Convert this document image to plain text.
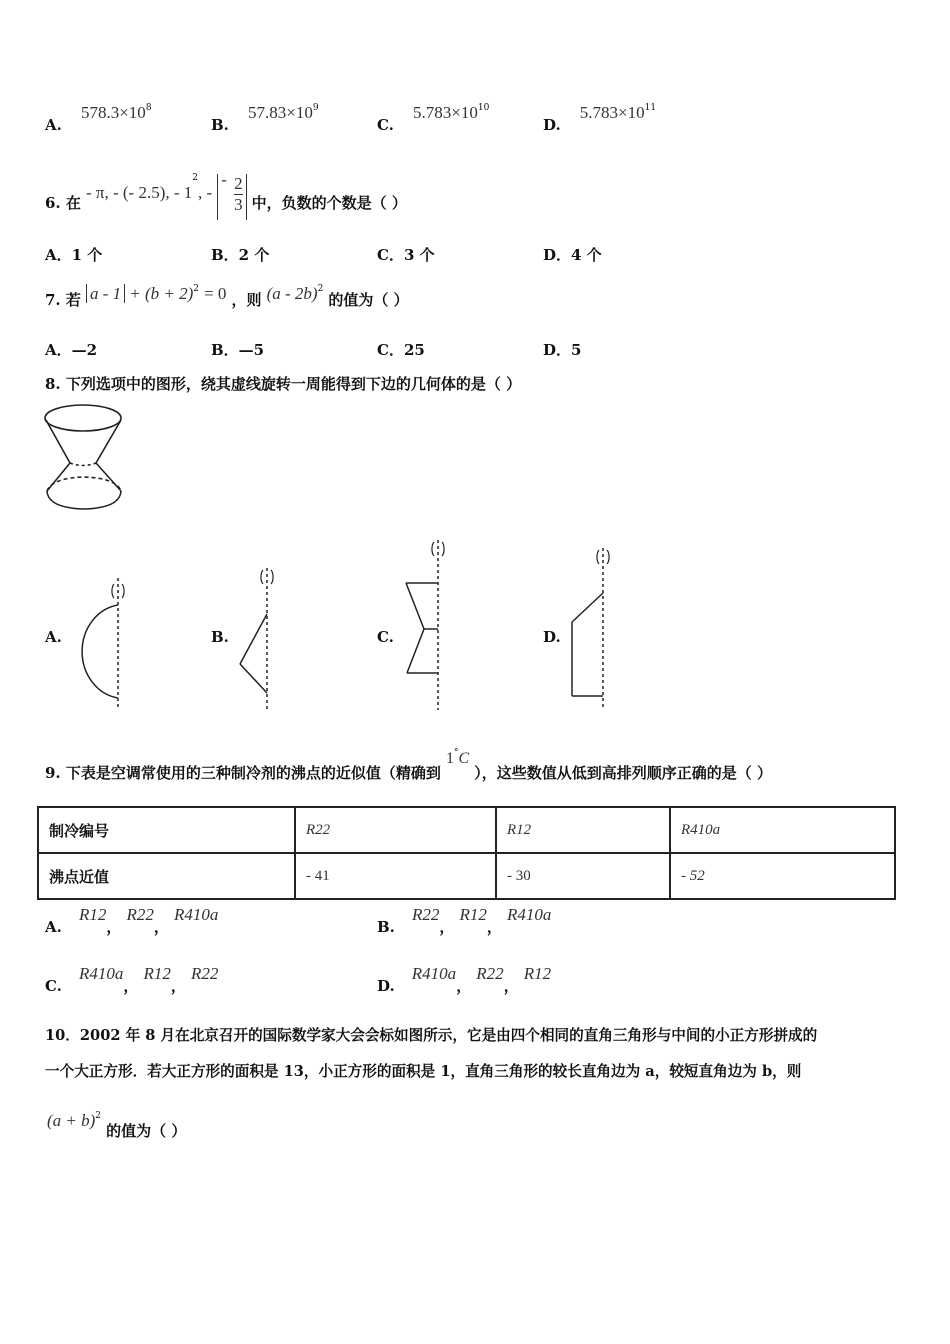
A. $578.3\times 10^8$
B. $57.83\times 10^9$
C. $5.783\times 10^{10}$
D. $5.783\times 10^{11}$
6. 在 - π, - (- 2.5), - $1^2$, - - $\frac{2}{3}$ 中，负数的个数是（ ）
A．1 个	B．2 个	C．3 个	D．4 个
7. 若 $a - 1 + (b + 2)^2 = 0$ ，则 (a - 2b)$^2$ 的值为（ ）
A．—2	B．—5	C．25	D．5
8. 下列选项中的图形，绕其虚线旋转一周能得到下边的几何体的是（ ）
A.	B.	C.	D.
9. 下表是空调常使用的三种制冷剂的沸点的近似值（精确到 1°C ），这些数值从低到高排列顺序正确的是（ ）
制冷编号	R22	R12	R410a
沸点近值	- 41	- 30	- 52
A. R12， R22， R410a
B. R22， R12， R410a
C. R410a， R12， R22
D. R410a， R22， R12
10．2002 年 8 月在北京召开的国际数学家大会会标如图所示，它是由四个相同的直角三角形与中间的小正方形拼成的
一个大正方形．若大正方形的面积是 13，小正方形的面积是 1，直角三角形的较长直角边为 a，较短直角边为 b，则
$(a + b)^2$ 的值为（ ）
